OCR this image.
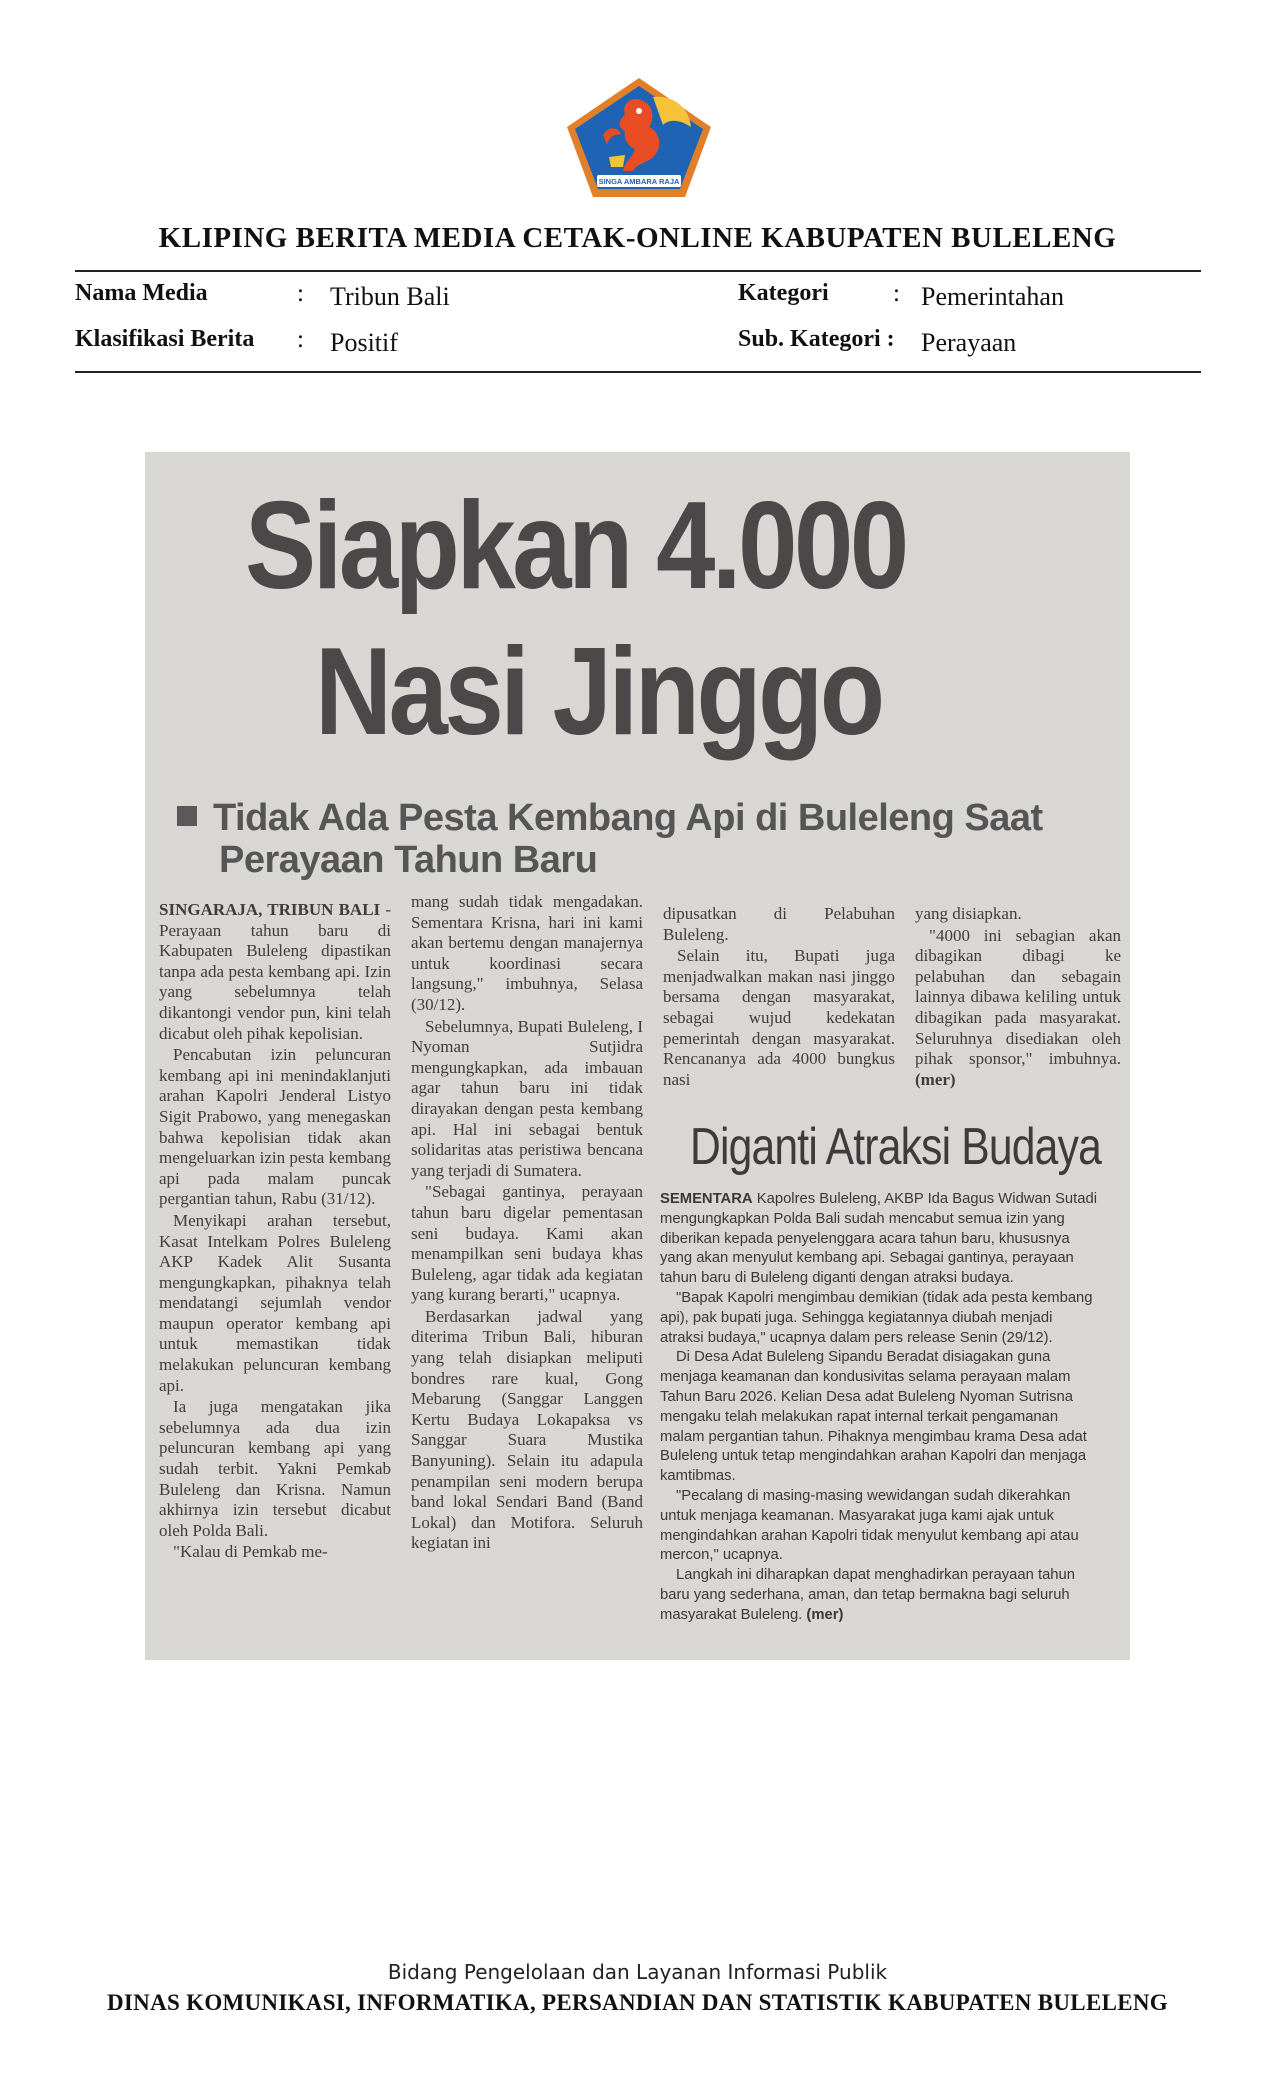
SINGA AMBARA RAJA
KLIPING BERITA MEDIA CETAK-ONLINE KABUPATEN BULELENG
Nama Media	: Tribun Bali
Klasifikasi Berita : Positif
Kategori	: Pemerintahan
Sub. Kategori : Perayaan
Siapkan 4.000
Nasi Jinggo
Tidak Ada Pesta Kembang Api di Buleleng Saat
Perayaan Tahun Baru

SINGARAJA, TRIBUN BALI - Perayaan tahun baru di Kabupaten Buleleng dipastikan tanpa ada pesta kembang api. Izin yang sebelumnya telah dikantongi vendor pun, kini telah dicabut oleh pihak kepolisian.

Pencabutan izin peluncuran kembang api ini menindaklanjuti arahan Kapolri Jenderal Listyo Sigit Prabowo, yang menegaskan bahwa kepolisian tidak akan mengeluarkan izin pesta kembang api pada malam puncak pergantian tahun, Rabu (31/12).

Menyikapi arahan tersebut, Kasat Intelkam Polres Buleleng AKP Kadek Alit Susanta mengungkapkan, pihaknya telah mendatangi sejumlah vendor maupun operator kembang api untuk memastikan tidak melakukan peluncuran kembang api.

Ia juga mengatakan jika sebelumnya ada dua izin peluncuran kembang api yang sudah terbit. Yakni Pemkab Buleleng dan Krisna. Namun akhirnya izin tersebut dicabut oleh Polda Bali.

"Kalau di Pemkab me-

mang sudah tidak mengadakan. Sementara Krisna, hari ini kami akan bertemu dengan manajernya untuk koordinasi secara langsung," imbuhnya, Selasa (30/12).

Sebelumnya, Bupati Buleleng, I Nyoman Sutjidra mengungkapkan, ada imbauan agar tahun baru ini tidak dirayakan dengan pesta kembang api. Hal ini sebagai bentuk solidaritas atas peristiwa bencana yang terjadi di Sumatera.

"Sebagai gantinya, perayaan tahun baru digelar pementasan seni budaya. Kami akan menampilkan seni budaya khas Buleleng, agar tidak ada kegiatan yang kurang berarti," ucapnya.

Berdasarkan jadwal yang diterima Tribun Bali, hiburan yang telah disiapkan meliputi bondres rare kual, Gong Mebarung (Sanggar Langgen Kertu Budaya Lokapaksa vs Sanggar Suara Mustika Banyuning). Selain itu adapula penampilan seni modern berupa band lokal Sendari Band (Band Lokal) dan Motifora. Seluruh kegiatan ini

dipusatkan di Pelabuhan Buleleng.

Selain itu, Bupati juga menjadwalkan makan nasi jinggo bersama dengan masyarakat, sebagai wujud kedekatan pemerintah dengan masyarakat. Rencananya ada 4000 bungkus nasi

yang disiapkan.

"4000 ini sebagian akan dibagikan dibagi ke pelabuhan dan sebagain lainnya dibawa keliling untuk dibagikan pada masyarakat. Seluruhnya disediakan oleh pihak sponsor," imbuhnya. (mer)

Diganti Atraksi Budaya

SEMENTARA Kapolres Buleleng, AKBP Ida Bagus Widwan Sutadi mengungkapkan Polda Bali sudah mencabut semua izin yang diberikan kepada penyelenggara acara tahun baru, khususnya yang akan menyulut kembang api. Sebagai gantinya, perayaan tahun baru di Buleleng diganti dengan atraksi budaya.

"Bapak Kapolri mengimbau demikian (tidak ada pesta kembang api), pak bupati juga. Sehingga kegiatannya diubah menjadi atraksi budaya," ucapnya dalam pers release Senin (29/12).

Di Desa Adat Buleleng Sipandu Beradat disiagakan guna menjaga keamanan dan kondusivitas selama perayaan malam Tahun Baru 2026. Kelian Desa adat Buleleng Nyoman Sutrisna mengaku telah melakukan rapat internal terkait pengamanan malam pergantian tahun. Pihaknya mengimbau krama Desa adat Buleleng untuk tetap mengindahkan arahan Kapolri dan menjaga kamtibmas.

"Pecalang di masing-masing wewidangan sudah dikerahkan untuk menjaga keamanan. Masyarakat juga kami ajak untuk mengindahkan arahan Kapolri tidak menyulut kembang api atau mercon," ucapnya.

Langkah ini diharapkan dapat menghadirkan perayaan tahun baru yang sederhana, aman, dan tetap bermakna bagi seluruh masyarakat Buleleng. (mer)

Bidang Pengelolaan dan Layanan Informasi Publik
DINAS KOMUNIKASI, INFORMATIKA, PERSANDIAN DAN STATISTIK KABUPATEN BULELENG
